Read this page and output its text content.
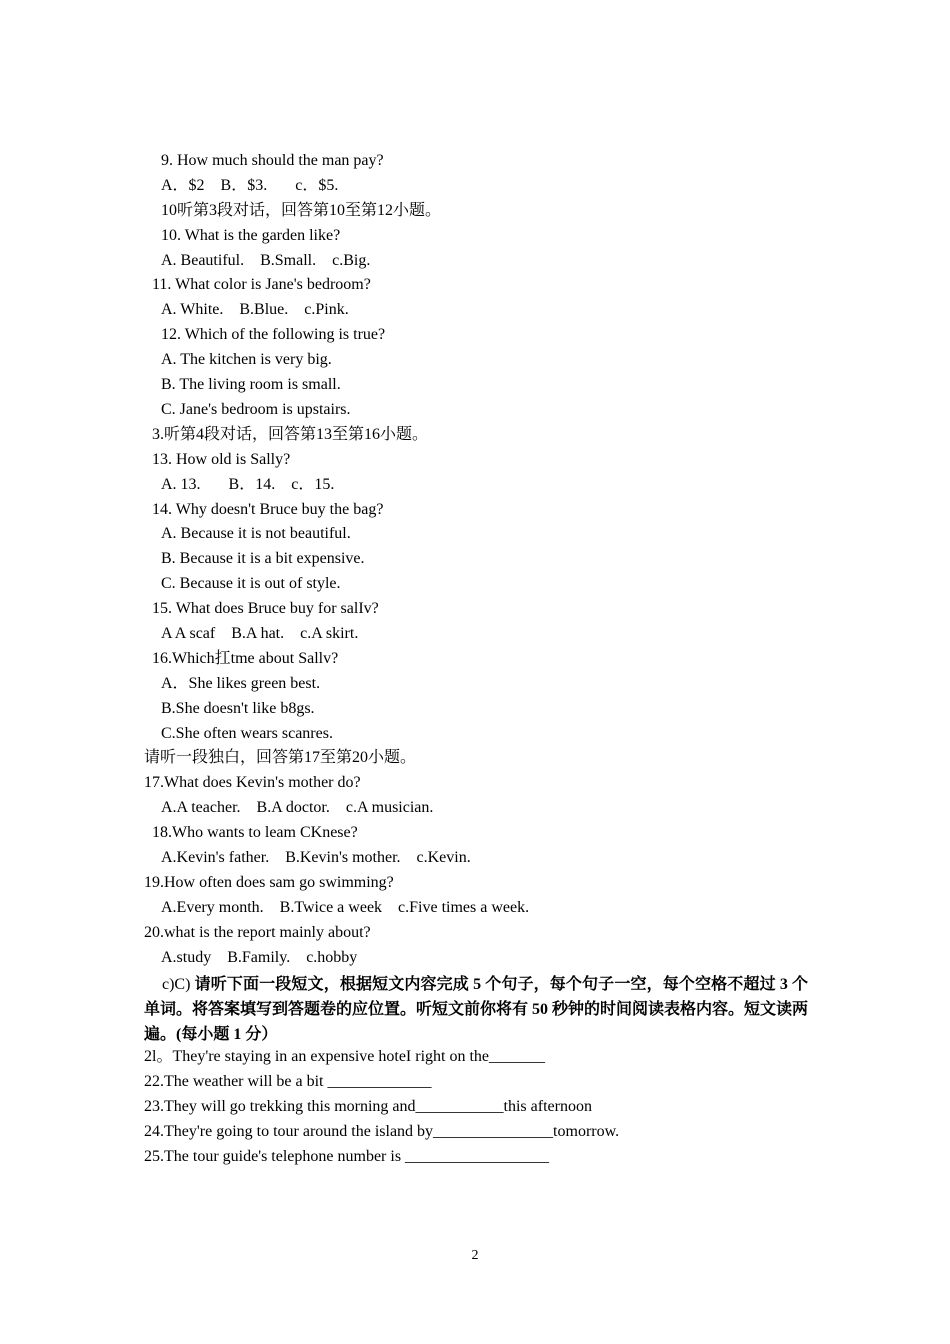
9. How much should the man pay?
A．$2    B．$3.       c．$5.
10听第3段对话，回答第10至第12小题。
10. What is the garden like?
A. Beautiful.    B.Small.    c.Big.
11. What color is Jane's bedroom?
A. White.    B.Blue.    c.Pink.
12. Which of the following is true?
A. The kitchen is very big.
B. The living room is small.
C. Jane's bedroom is upstairs.
3.听第4段对话，回答第13至第16小题。
13. How old is Sally?
A. 13.       B．14.    c．15.
14. Why doesn't Bruce buy the bag?
A. Because it is not beautiful.
B. Because it is a bit expensive.
C. Because it is out of style.
15. What does Bruce buy for salIv?
A A scaf    B.A hat.    c.A skirt.
16.Which扛tme about Sallv?
A．She likes green best.
B.She doesn't like b8gs.
C.She often wears scanres.
请听一段独白，回答第17至第20小题。
17.What does Kevin's mother do?
A.A teacher.    B.A doctor.    c.A musician.
18.Who wants to leam CKnese?
A.Kevin's father.    B.Kevin's mother.    c.Kevin.
19.How often does sam go swimming?
A.Every month.    B.Twice a week    c.Five times a week.
20.what is the report mainly about?
A.study    B.Family.    c.hobby
c)C) 请听下面一段短文，根据短文内容完成 5 个句子，每个句子一空，每个空格不超过 3 个单词。将答案填写到答题卷的应位置。听短文前你将有 50 秒钟的时间阅读表格内容。短文读两遍。(每小题 1 分）
2l。They're staying in an expensive hoteI right on the_______
22.The weather will be a bit _____________
23.They will go trekking this morning and___________this afternoon
24.They're going to tour around the island by_______________tomorrow.
25.The tour guide's telephone number is __________________
2
